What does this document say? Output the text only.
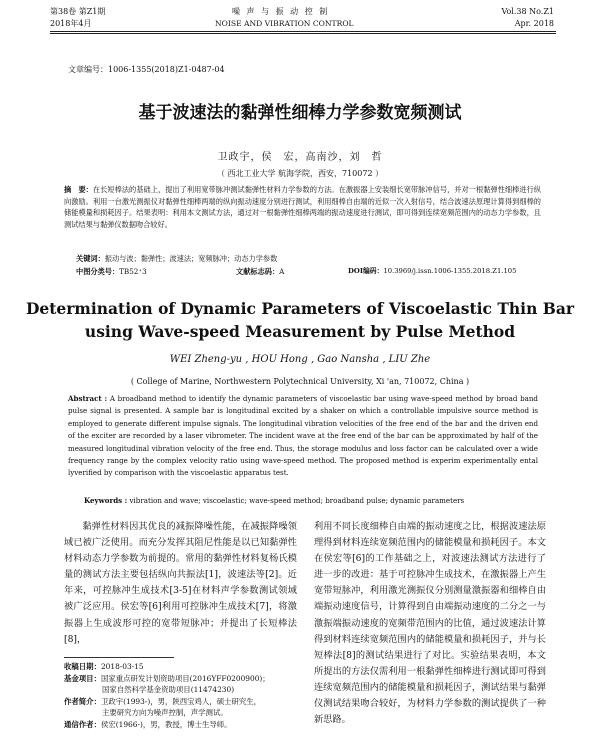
第38卷 第Z1期
2018年4月
噪 声 与 振 动 控 制
NOISE AND VIBRATION CONTROL
Vol.38 No.Z1
Apr. 2018
文章编号：1006-1355(2018)Z1-0487-04
基于波速法的黏弹性细棒力学参数宽频测试
卫政宇，侯　宏，高南沙，刘　哲
（ 西北工业大学 航海学院，西安，710072 ）
摘　要：在长短棒法的基础上，提出了利用宽带脉冲测试黏弹性材料力学参数的方法。在激振器上安装细长宽带脉冲信号，并对一根黏弹性细棒进行纵向激励。利用一台激光测振仪对黏弹性细棒两端的纵向振动速度分别进行测试，利用细棒自由端的近似一次入射信号，结合波速法原理计算得到细棒的储能模量和损耗因子。结果表明：利用本文测试方法，通过对一根黏弹性细棒两端的振动速度进行测试，即可得到连续宽频范围内的动态力学参数，且测试结果与黏弹仪数据吻合较好。
关键词：振动与波；黏弹性；波速法；宽频脉冲；动态力学参数
中图分类号：TB52⁺3	文献标志码：A	DOI编码：10.3969/j.issn.1006-1355.2018.Z1.105
Determination of Dynamic Parameters of Viscoelastic Thin Bar
using Wave-speed Measurement by Pulse Method
WEI Zheng-yu , HOU Hong , Gao Nansha , LIU Zhe
( College of Marine, Northwestern Polytechnical University, Xi 'an, 710072, China )
Abstract : A broadband method to identify the dynamic parameters of viscoelastic bar using wave-speed method by broad band pulse signal is presented. A sample bar is longitudinal excited by a shaker on which a controllable impulsive source method is employed to generate different impulse signals. The longitudinal vibration velocities of the free end of the bar and the driven end of the exciter are recorded by a laser vibrometer. The incident wave at the free end of the bar can be approximated by half of the measured longitudinal vibration velocity of the free end. Thus, the storage modulus and loss factor can be calculated over a wide frequency range by the complex velocity ratio using wave-speed method. The proposed method is experim experimentally ental lyverified by comparison with the viscoelastic apparatus test.
Keywords : vibration and wave; viscoelastic; wave-speed method; broadband pulse; dynamic parameters
黏弹性材料因其优良的减振降噪性能，在减振降噪领域已被广泛使用。而充分发挥其阻尼性能是以已知黏弹性材料动态力学参数为前提的。常用的黏弹性材料复杨氏模量的测试方法主要包括纵向共振法[1]，波速法等[2]。近年来，可控脉冲生成技术[3-5]在材料声学参数测试领域被广泛应用。侯宏等[6]利用可控脉冲生成技术[7]，将激振器上生成波形可控的宽带短脉冲；并提出了长短棒法[8]，

收稿日期：2018-03-15

基金项目：国家重点研发计划资助项目(2016YFF0200900)；

国家自然科学基金资助项目(11474230)

作者简介：卫政宇(1993-)，男，陕西宝鸡人，硕士研究生，

主要研究方向为噪声控制，声学测试。

通信作者：侯宏(1966-)，男，教授，博士生导师。

利用不同长度细棒自由端的振动速度之比，根据波速法原理得到材料连续宽频范围内的储能模量和损耗因子。本文在侯宏等[6]的工作基础之上，对波速法测试方法进行了进一步的改进：基于可控脉冲生成技术，在激振器上产生宽带短脉冲，利用激光测振仪分别测量激振器和细棒自由端振动速度信号，计算得到自由端振动速度的二分之一与激振端振动速度的宽频带范围内的比值，通过波速法计算得到材料连续宽频范围内的储能模量和损耗因子，并与长短棒法[8]的测试结果进行了对比。实验结果表明，本文所提出的方法仅需利用一根黏弹性细棒进行测试即可得到连续宽频范围内的储能模量和损耗因子，测试结果与黏弹仪测试结果吻合较好，为材料力学参数的测试提供了一种新思路。
